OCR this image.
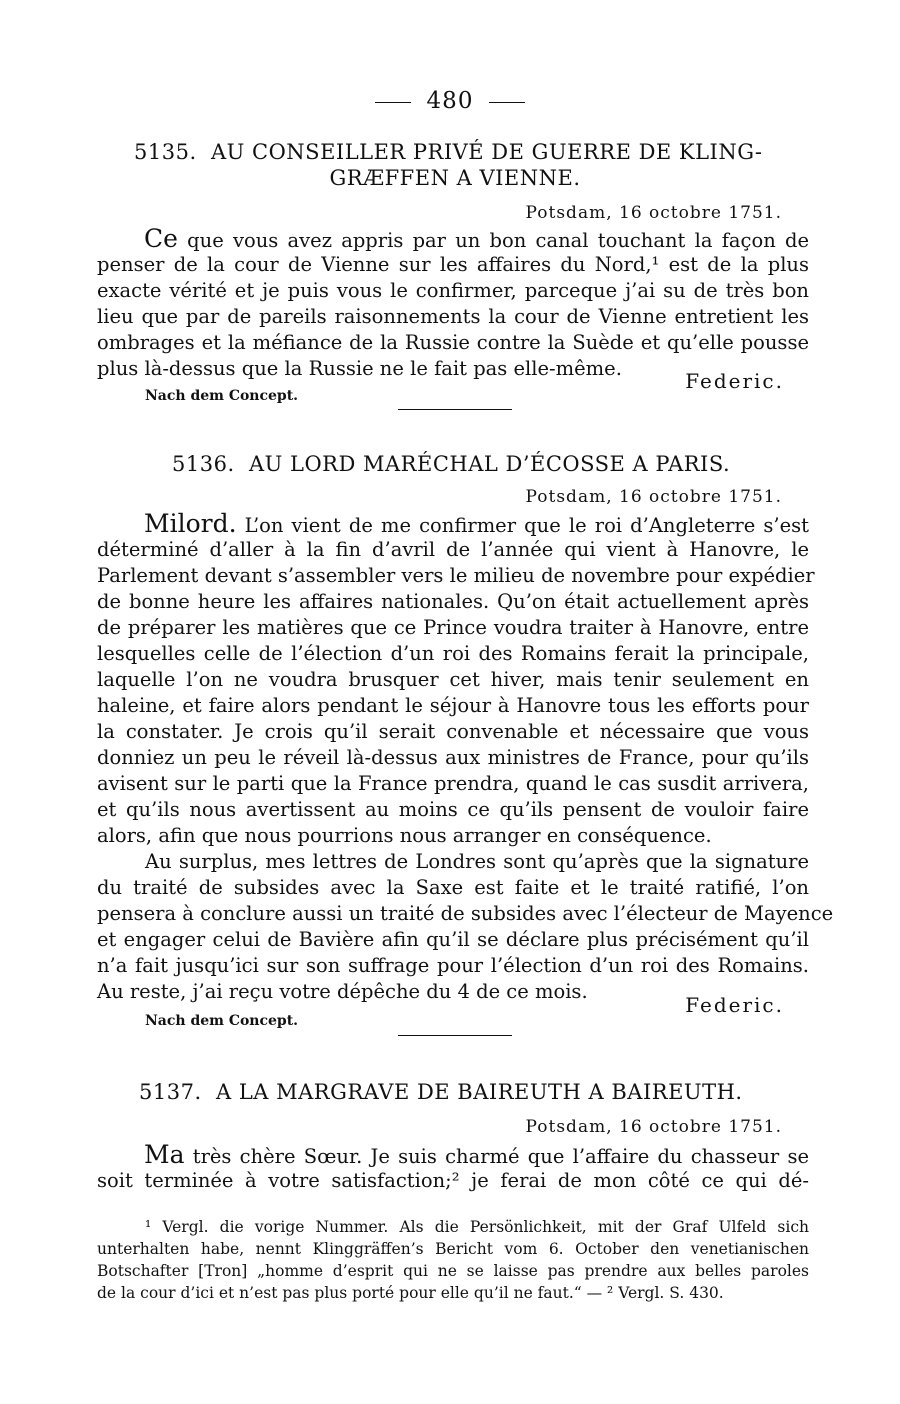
480
5135. AU CONSEILLER PRIVÉ DE GUERRE DE KLING-
GRÆFFEN A VIENNE.
Potsdam, 16 octobre 1751.
Ce que vous avez appris par un bon canal touchant la façon de
penser de la cour de Vienne sur les affaires du Nord,¹ est de la plus
exacte vérité et je puis vous le confirmer, parceque j’ai su de très bon
lieu que par de pareils raisonnements la cour de Vienne entretient les
ombrages et la méfiance de la Russie contre la Suède et qu’elle pousse
plus là-dessus que la Russie ne le fait pas elle-même.
Federic.
Nach dem Concept.
5136. AU LORD MARÉCHAL D’ÉCOSSE A PARIS.
Potsdam, 16 octobre 1751.
Milord. L’on vient de me confirmer que le roi d’Angleterre s’est
déterminé d’aller à la fin d’avril de l’année qui vient à Hanovre, le
Parlement devant s’assembler vers le milieu de novembre pour expédier
de bonne heure les affaires nationales. Qu’on était actuellement après
de préparer les matières que ce Prince voudra traiter à Hanovre, entre
lesquelles celle de l’élection d’un roi des Romains ferait la principale,
laquelle l’on ne voudra brusquer cet hiver, mais tenir seulement en
haleine, et faire alors pendant le séjour à Hanovre tous les efforts pour
la constater. Je crois qu’il serait convenable et nécessaire que vous
donniez un peu le réveil là-dessus aux ministres de France, pour qu’ils
avisent sur le parti que la France prendra, quand le cas susdit arrivera,
et qu’ils nous avertissent au moins ce qu’ils pensent de vouloir faire
alors, afin que nous pourrions nous arranger en conséquence.
Au surplus, mes lettres de Londres sont qu’après que la signature
du traité de subsides avec la Saxe est faite et le traité ratifié, l’on
pensera à conclure aussi un traité de subsides avec l’électeur de Mayence
et engager celui de Bavière afin qu’il se déclare plus précisément qu’il
n’a fait jusqu’ici sur son suffrage pour l’élection d’un roi des Romains.
Au reste, j’ai reçu votre dépêche du 4 de ce mois.
Federic.
Nach dem Concept.
5137. A LA MARGRAVE DE BAIREUTH A BAIREUTH.
Potsdam, 16 octobre 1751.
Ma très chère Sœur. Je suis charmé que l’affaire du chasseur se
soit terminée à votre satisfaction;² je ferai de mon côté ce qui dé-
¹ Vergl. die vorige Nummer. Als die Persönlichkeit, mit der Graf Ulfeld sich
unterhalten habe, nennt Klinggräffen’s Bericht vom 6. October den venetianischen
Botschafter [Tron] „homme d’esprit qui ne se laisse pas prendre aux belles paroles
de la cour d’ici et n’est pas plus porté pour elle qu’il ne faut.“ — ² Vergl. S. 430.
